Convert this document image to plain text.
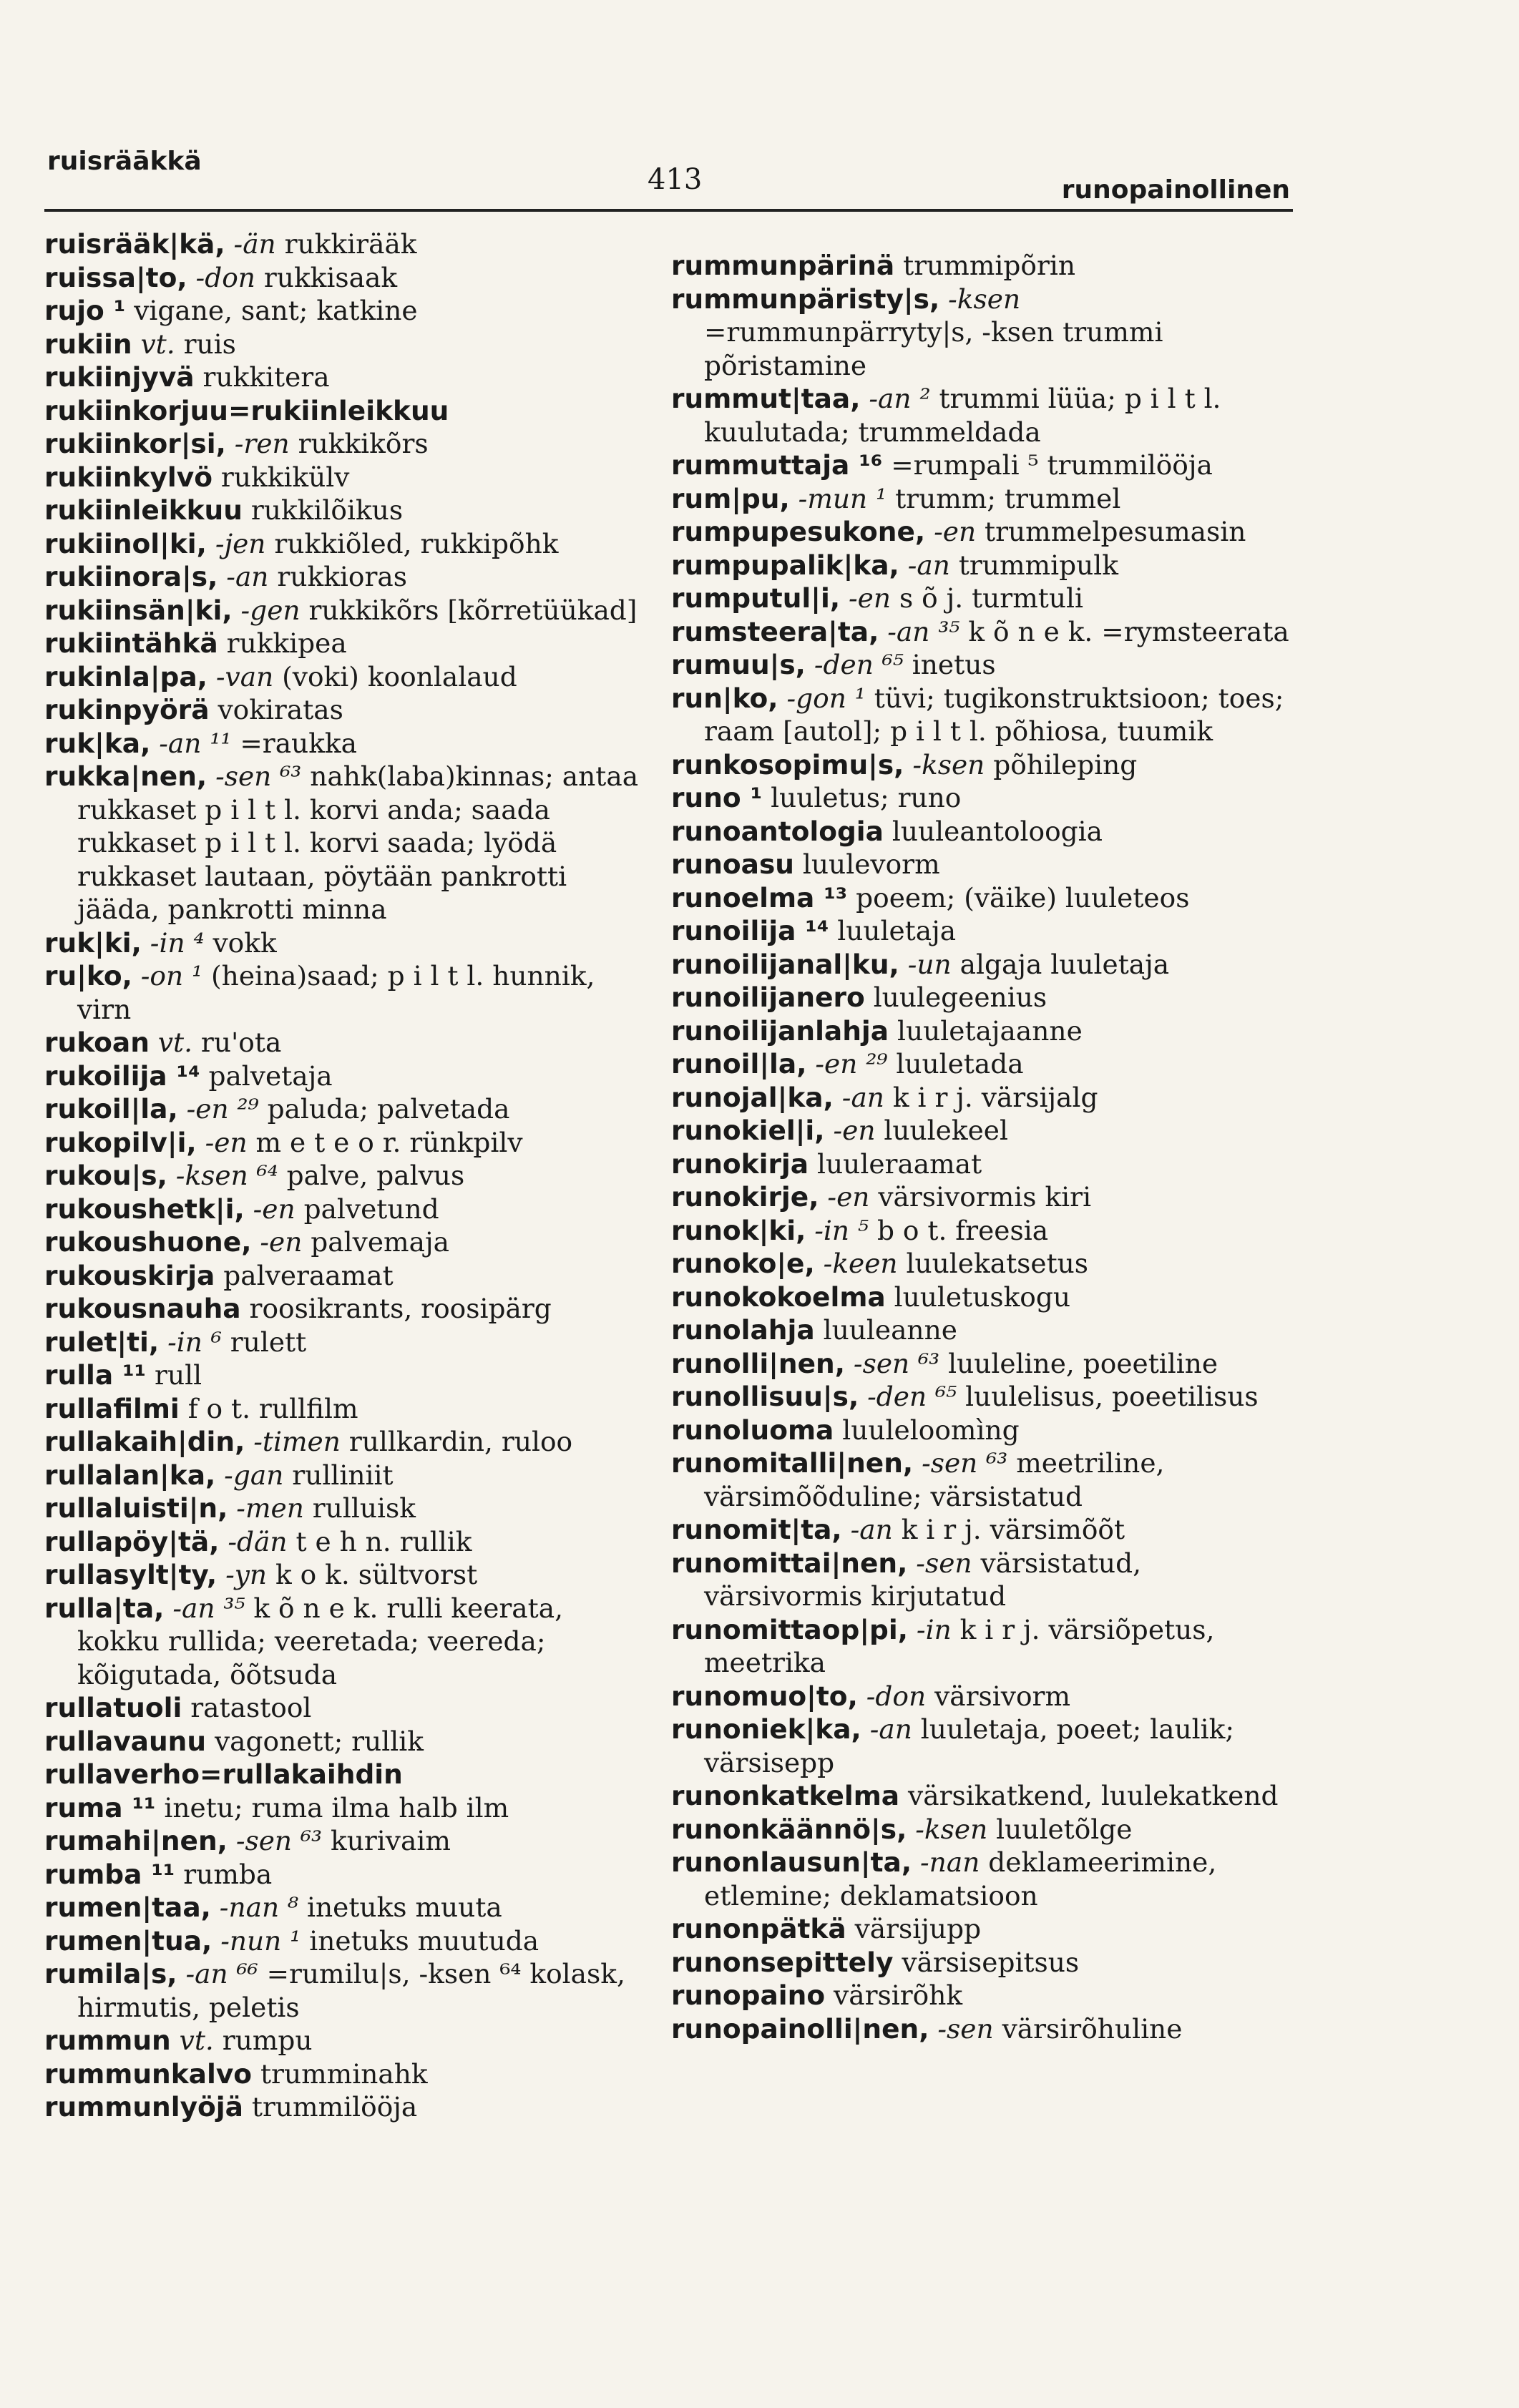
ruisräākkä
413	runopainollinen
ruisrääk|kä, -än rukkirääk
ruissa|to, -don rukkisaak
rujo ¹ vigane, sant; katkine
rukiin vt. ruis
rukiinjyvä rukkitera
rukiinkorjuu=rukiinleikkuu
rukiinkor|si, -ren rukkikõrs
rukiinkylvö rukkikülv
rukiinleikkuu rukkilõikus
rukiinol|ki, -jen rukkiõled, rukkipõhk
rukiinora|s, -an rukkioras
rukiinsän|ki, -gen rukkikõrs [kõrretüükad]
rukiintähkä rukkipea
rukinla|pa, -van (voki) koonlalaud
rukinpyörä vokiratas
ruk|ka, -an ¹¹ =raukka
rukka|nen, -sen ⁶³ nahk(laba)kinnas; antaa rukkaset p i l t l. korvi anda; saada rukkaset p i l t l. korvi saada; lyödä rukkaset lautaan, pöytään pankrotti jääda, pankrotti minna
ruk|ki, -in ⁴ vokk
ru|ko, -on ¹ (heina)saad; p i l t l. hunnik, virn
rukoan vt. ru'ota
rukoilija ¹⁴ palvetaja
rukoil|la, -en ²⁹ paluda; palvetada
rukopilv|i, -en m e t e o r. rünkpilv
rukou|s, -ksen ⁶⁴ palve, palvus
rukoushetk|i, -en palvetund
rukoushuone, -en palvemaja
rukouskirja palveraamat
rukousnauha roosikrants, roosipärg
rulet|ti, -in ⁶ rulett
rulla ¹¹ rull
rullafilmi f o t. rullfilm
rullakaih|din, -timen rullkardin, ruloo
rullalan|ka, -gan rulliniit
rullaluisti|n, -men rulluisk
rullapöy|tä, -dän t e h n. rullik
rullasylt|ty, -yn k o k. sültvorst
rulla|ta, -an ³⁵ k õ n e k. rulli keerata, kokku rullida; veeretada; veereda; kõigutada, õõtsuda
rullatuoli ratastool
rullavaunu vagonett; rullik
rullaverho=rullakaihdin
ruma ¹¹ inetu; ruma ilma halb ilm
rumahi|nen, -sen ⁶³ kurivaim
rumba ¹¹ rumba
rumen|taa, -nan ⁸ inetuks muuta
rumen|tua, -nun ¹ inetuks muutuda
rumila|s, -an ⁶⁶ =rumilu|s, -ksen ⁶⁴ kolask, hirmutis, peletis
rummun vt. rumpu
rummunkalvo trumminahk
rummunlyöjä trummilööja
rummunpärinä trummipõrin
rummunpäristy|s, -ksen =rummunpärryty|s, -ksen trummi põristamine
rummut|taa, -an ² trummi lüüa; p i l t l. kuulutada; trummeldada
rummuttaja ¹⁶ =rumpali ⁵ trummilööja
rum|pu, -mun ¹ trumm; trummel
rumpupesukone, -en trummelpesumasin
rumpupalik|ka, -an trummipulk
rumputul|i, -en s õ j. turmtuli
rumsteera|ta, -an ³⁵ k õ n e k. =rymsteerata
rumuu|s, -den ⁶⁵ inetus
run|ko, -gon ¹ tüvi; tugikonstruktsioon; toes; raam [autol]; p i l t l. põhiosa, tuumik
runkosopimu|s, -ksen põhileping
runo ¹ luuletus; runo
runoantologia luuleantoloogia
runoasu luulevorm
runoelma ¹³ poeem; (väike) luuleteos
runoilija ¹⁴ luuletaja
runoilijanal|ku, -un algaja luuletaja
runoilijanero luulegeenius
runoilijanlahja luuletajaanne
runoil|la, -en ²⁹ luuletada
runojal|ka, -an k i r j. värsijalg
runokiel|i, -en luulekeel
runokirja luuleraamat
runokirje, -en värsivormis kiri
runok|ki, -in ⁵ b o t. freesia
runoko|e, -keen luulekatsetus
runokokoelma luuletuskogu
runolahja luuleanne
runolli|nen, -sen ⁶³ luuleline, poeetiline
runollisuu|s, -den ⁶⁵ luulelisus, poeetilisus
runoluoma luuleloomìng
runomitalli|nen, -sen ⁶³ meetriline, värsimõõduline; värsistatud
runomit|ta, -an k i r j. värsimõõt
runomittai|nen, -sen värsistatud, värsivormis kirjutatud
runomittaop|pi, -in k i r j. värsiõpetus, meetrika
runomuo|to, -don värsivorm
runoniek|ka, -an luuletaja, poeet; laulik; värsisepp
runonkatkelma värsikatkend, luulekatkend
runonkäännö|s, -ksen luuletõlge
runonlausun|ta, -nan deklameerimine, etlemine; deklamatsioon
runonpätkä värsijupp
runonsepittely värsisepitsus
runopaino värsirõhk
runopainolli|nen, -sen värsirõhuline
